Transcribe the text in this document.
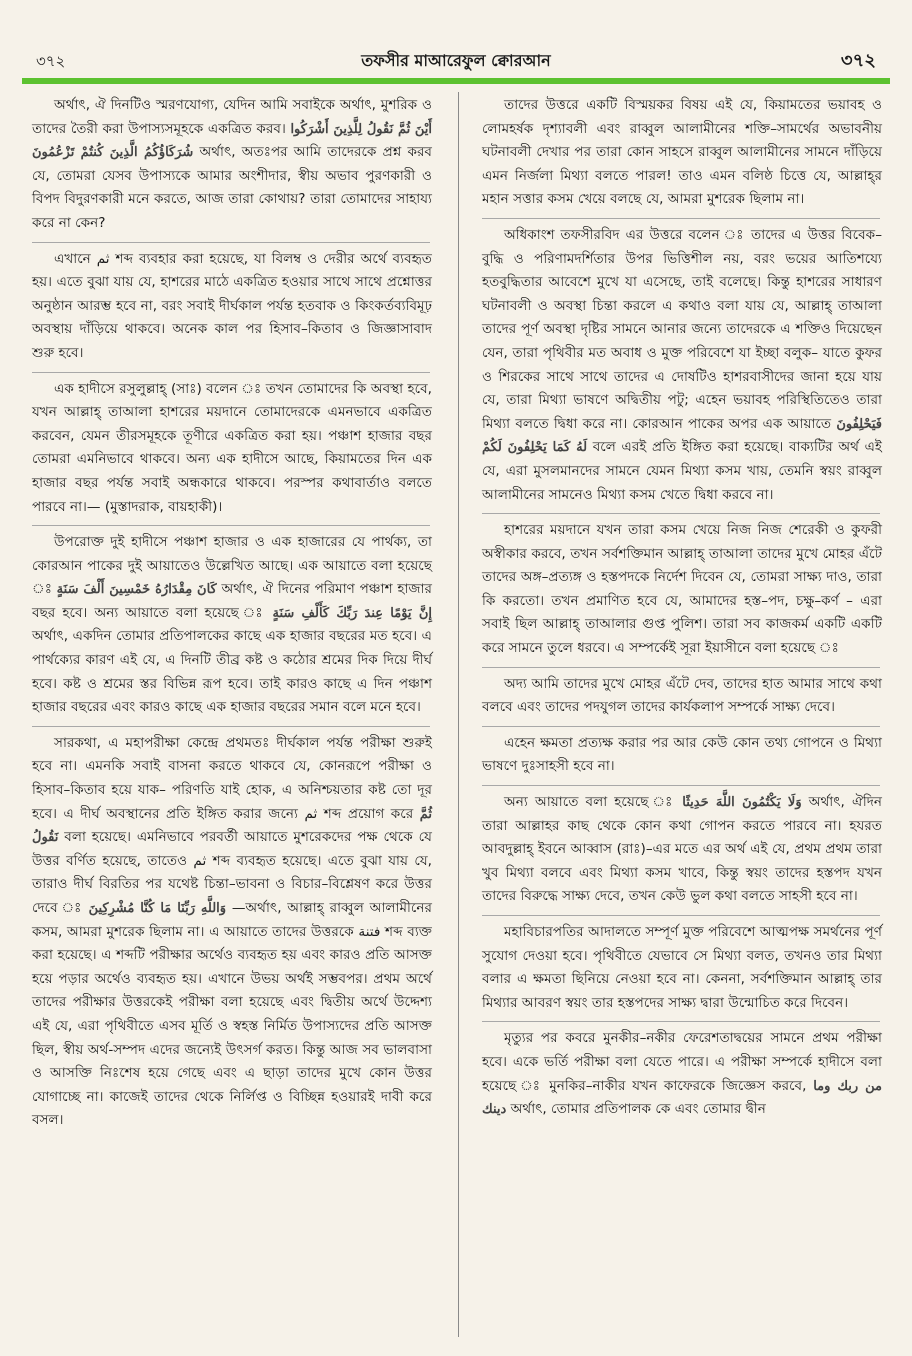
৩৭২	তফসীর মাআরেফুল ক্বোরআন	৩৭২

অর্থাৎ, ঐ দিনটিও স্মরণযোগ্য, যেদিন আমি সবাইকে অর্থাৎ, মুশরিক ও তাদের তৈরী করা উপাস্যসমূহকে একত্রিত করব। ثُمَّ نَقُولُ لِلَّذِينَ أَشْرَكُوا أَيْنَ شُرَكَاؤُكُمُ الَّذِينَ كُنتُمْ تَزْعُمُونَ অর্থাৎ, অতঃপর আমি তাদেরকে প্রশ্ন করব যে, তোমরা যেসব উপাস্যকে আমার অংশীদার, স্বীয় অভাব পুরণকারী ও বিপদ বিদুরণকারী মনে করতে, আজ তারা কোথায়? তারা তোমাদের সাহায্য করে না কেন?

এখানে ثم শব্দ ব্যবহার করা হয়েছে, যা বিলম্ব ও দেরীর অর্থে ব্যবহৃত হয়। এতে বুঝা যায় যে, হাশরের মাঠে একত্রিত হওয়ার সাথে সাথে প্রশ্নোত্তর অনুষ্ঠান আরম্ভ হবে না, বরং সবাই দীর্ঘকাল পর্যন্ত হতবাক ও কিংকর্তব্যবিমূঢ় অবস্থায় দাঁড়িয়ে থাকবে। অনেক কাল পর হিসাব–কিতাব ও জিজ্ঞাসাবাদ শুরু হবে।

এক হাদীসে রসুলুল্লাহ্ (সাঃ) বলেন ঃ তখন তোমাদের কি অবস্থা হবে, যখন আল্লাহ্ তাআলা হাশরের ময়দানে তোমাদেরকে এমনভাবে একত্রিত করবেন, যেমন তীরসমূহকে তূণীরে একত্রিত করা হয়। পঞ্চাশ হাজার বছর তোমরা এমনিভাবে থাকবে। অন্য এক হাদীসে আছে, কিয়ামতের দিন এক হাজার বছর পর্যন্ত সবাই অন্ধকারে থাকবে। পরস্পর কথাবার্তাও বলতে পারবে না।— (মুস্তাদরাক, বায়হাকী)।

উপরোক্ত দুই হাদীসে পঞ্চাশ হাজার ও এক হাজারের যে পার্থক্য, তা কোরআন পাকের দুই আয়াতেও উল্লেখিত আছে। এক আয়াতে বলা হয়েছে ঃ كَانَ مِقْدَارُهُ خَمْسِينَ أَلْفَ سَنَةٍ অর্থাৎ, ঐ দিনের পরিমাণ পঞ্চাশ হাজার বছর হবে। অন্য আয়াতে বলা হয়েছে ঃ إِنَّ يَوْمًا عِندَ رَبِّكَ كَأَلْفِ سَنَةٍ অর্থাৎ, একদিন তোমার প্রতিপালকের কাছে এক হাজার বছরের মত হবে। এ পার্থক্যের কারণ এই যে, এ দিনটি তীব্র কষ্ট ও কঠোর শ্রমের দিক দিয়ে দীর্ঘ হবে। কষ্ট ও শ্রমের স্তর বিভিন্ন রূপ হবে। তাই কারও কাছে এ দিন পঞ্চাশ হাজার বছরের এবং কারও কাছে এক হাজার বছরের সমান বলে মনে হবে।

সারকথা, এ মহাপরীক্ষা কেন্দ্রে প্রথমতঃ দীর্ঘকাল পর্যন্ত পরীক্ষা শুরুই হবে না। এমনকি সবাই বাসনা করতে থাকবে যে, কোনরূপে পরীক্ষা ও হিসাব–কিতাব হয়ে যাক– পরিণতি যাই হোক, এ অনিশ্চয়তার কষ্ট তো দূর হবে। এ দীর্ঘ অবস্থানের প্রতি ইঙ্গিত করার জন্যে ثم শব্দ প্রয়োগ করে ثُمَّ نَقُولُ বলা হয়েছে। এমনিভাবে পরবর্তী আয়াতে মুশরেকদের পক্ষ থেকে যে উত্তর বর্ণিত হয়েছে, তাতেও ثم শব্দ ব্যবহৃত হয়েছে। এতে বুঝা যায় যে, তারাও দীর্ঘ বিরতির পর যথেষ্ট চিন্তা–ভাবনা ও বিচার–বিশ্লেষণ করে উত্তর দেবে ঃ وَاللَّهِ رَبِّنَا مَا كُنَّا مُشْرِكِينَ —অর্থাৎ, আল্লাহ্ রাব্বুল আলামীনের কসম, আমরা মুশরেক ছিলাম না। এ আয়াতে তাদের উত্তরকে فتنة শব্দ ব্যক্ত করা হয়েছে। এ শব্দটি পরীক্ষার অর্থেও ব্যবহৃত হয় এবং কারও প্রতি আসক্ত হয়ে পড়ার অর্থেও ব্যবহৃত হয়। এখানে উভয় অর্থই সম্ভবপর। প্রথম অর্থে তাদের পরীক্ষার উত্তরকেই পরীক্ষা বলা হয়েছে এবং দ্বিতীয় অর্থে উদ্দেশ্য এই যে, এরা পৃথিবীতে এসব মূর্তি ও স্বহস্ত নির্মিত উপাস্যদের প্রতি আসক্ত ছিল, স্বীয় অর্থ-সম্পদ এদের জন্যেই উৎসর্গ করত। কিন্তু আজ সব ভালবাসা ও আসক্তি নিঃশেষ হয়ে গেছে এবং এ ছাড়া তাদের মুখে কোন উত্তর যোগাচ্ছে না। কাজেই তাদের থেকে নির্লিপ্ত ও বিচ্ছিন্ন হওয়ারই দাবী করে বসল।

তাদের উত্তরে একটি বিস্ময়কর বিষয় এই যে, কিয়ামতের ভয়াবহ ও লোমহর্ষক দৃশ্যাবলী এবং রাব্বুল আলামীনের শক্তি–সামর্থের অভাবনীয় ঘটনাবলী দেখার পর তারা কোন সাহসে রাব্বুল আলামীনের সামনে দাঁড়িয়ে এমন নির্জলা মিথ্যা বলতে পারল! তাও এমন বলিষ্ঠ চিত্তে যে, আল্লাহ্‌র মহান সত্তার কসম খেয়ে বলছে যে, আমরা মুশরেক ছিলাম না।

অধিকাংশ তফসীরবিদ এর উত্তরে বলেন ঃ তাদের এ উত্তর বিবেক–বুদ্ধি ও পরিণামদর্শিতার উপর ভিত্তিশীল নয়, বরং ভয়ের আতিশয্যে হতবুদ্ধিতার আবেশে মুখে যা এসেছে, তাই বলেছে। কিন্তু হাশরের সাধারণ ঘটনাবলী ও অবস্থা চিন্তা করলে এ কথাও বলা যায় যে, আল্লাহ্ তাআলা তাদের পূর্ণ অবস্থা দৃষ্টির সামনে আনার জন্যে তাদেরকে এ শক্তিও দিয়েছেন যেন, তারা পৃথিবীর মত অবাধ ও মুক্ত পরিবেশে যা ইচ্ছা বলুক– যাতে কুফর ও শিরকের সাথে সাথে তাদের এ দোষটিও হাশরবাসীদের জানা হয়ে যায় যে, তারা মিথ্যা ভাষণে অদ্বিতীয় পটু; এহেন ভয়াবহ পরিস্থিতিতেও তারা মিথ্যা বলতে দ্বিধা করে না। কোরআন পাকের অপর এক আয়াতে فَيَحْلِفُونَ لَهُ كَمَا يَحْلِفُونَ لَكُمْ বলে এরই প্রতি ইঙ্গিত করা হয়েছে। বাক্যটির অর্থ এই যে, এরা মুসলমানদের সামনে যেমন মিথ্যা কসম খায়, তেমনি স্বয়ং রাব্বুল আলামীনের সামনেও মিথ্যা কসম খেতে দ্বিধা করবে না।

হাশরের ময়দানে যখন তারা কসম খেয়ে নিজ নিজ শেরেকী ও কুফরী অস্বীকার করবে, তখন সর্বশক্তিমান আল্লাহ্ তাআলা তাদের মুখে মোহর এঁটে তাদের অঙ্গ–প্রত্যঙ্গ ও হস্তপদকে নির্দেশ দিবেন যে, তোমরা সাক্ষ্য দাও, তারা কি করতো। তখন প্রমাণিত হবে যে, আমাদের হস্ত–পদ, চক্ষু–কর্ণ – এরা সবাই ছিল আল্লাহ্ তাআলার গুপ্ত পুলিশ। তারা সব কাজকর্ম একটি একটি করে সামনে তুলে ধরবে। এ সম্পর্কেই সূরা ইয়াসীনে বলা হয়েছে ঃ

অদ্য আমি তাদের মুখে মোহর এঁটে দেব, তাদের হাত আমার সাথে কথা বলবে এবং তাদের পদযুগল তাদের কার্যকলাপ সম্পর্কে সাক্ষ্য দেবে।

এহেন ক্ষমতা প্রত্যক্ষ করার পর আর কেউ কোন তথ্য গোপনে ও মিথ্যা ভাষণে দুঃসাহসী হবে না।

অন্য আয়াতে বলা হয়েছে ঃ وَلَا يَكْتُمُونَ اللَّهَ حَدِيثًا অর্থাৎ, ঐদিন তারা আল্লাহর কাছ থেকে কোন কথা গোপন করতে পারবে না। হযরত আবদুল্লাহ্ ইবনে আব্বাস (রাঃ)–এর মতে এর অর্থ এই যে, প্রথম প্রথম তারা খুব মিথ্যা বলবে এবং মিথ্যা কসম খাবে, কিন্তু স্বয়ং তাদের হস্তপদ যখন তাদের বিরুদ্ধে সাক্ষ্য দেবে, তখন কেউ ভুল কথা বলতে সাহসী হবে না।

মহাবিচারপতির আদালতে সম্পূর্ণ মুক্ত পরিবেশে আত্মপক্ষ সমর্থনের পূর্ণ সুযোগ দেওয়া হবে। পৃথিবীতে যেভাবে সে মিথ্যা বলত, তখনও তার মিথ্যা বলার এ ক্ষমতা ছিনিয়ে নেওয়া হবে না। কেননা, সর্বশক্তিমান আল্লাহ্ তার মিথ্যার আবরণ স্বয়ং তার হস্তপদের সাক্ষ্য দ্বারা উন্মোচিত করে দিবেন।

মৃত্যুর পর কবরে মুনকীর–নকীর ফেরেশতাদ্বয়ের সামনে প্রথম পরীক্ষা হবে। একে ভর্তি পরীক্ষা বলা যেতে পারে। এ পরীক্ষা সম্পর্কে হাদীসে বলা হয়েছে ঃ মুনকির–নাকীর যখন কাফেরকে জিজ্ঞেস করবে, من ربك وما دينك অর্থাৎ, তোমার প্রতিপালক কে এবং তোমার দ্বীন
